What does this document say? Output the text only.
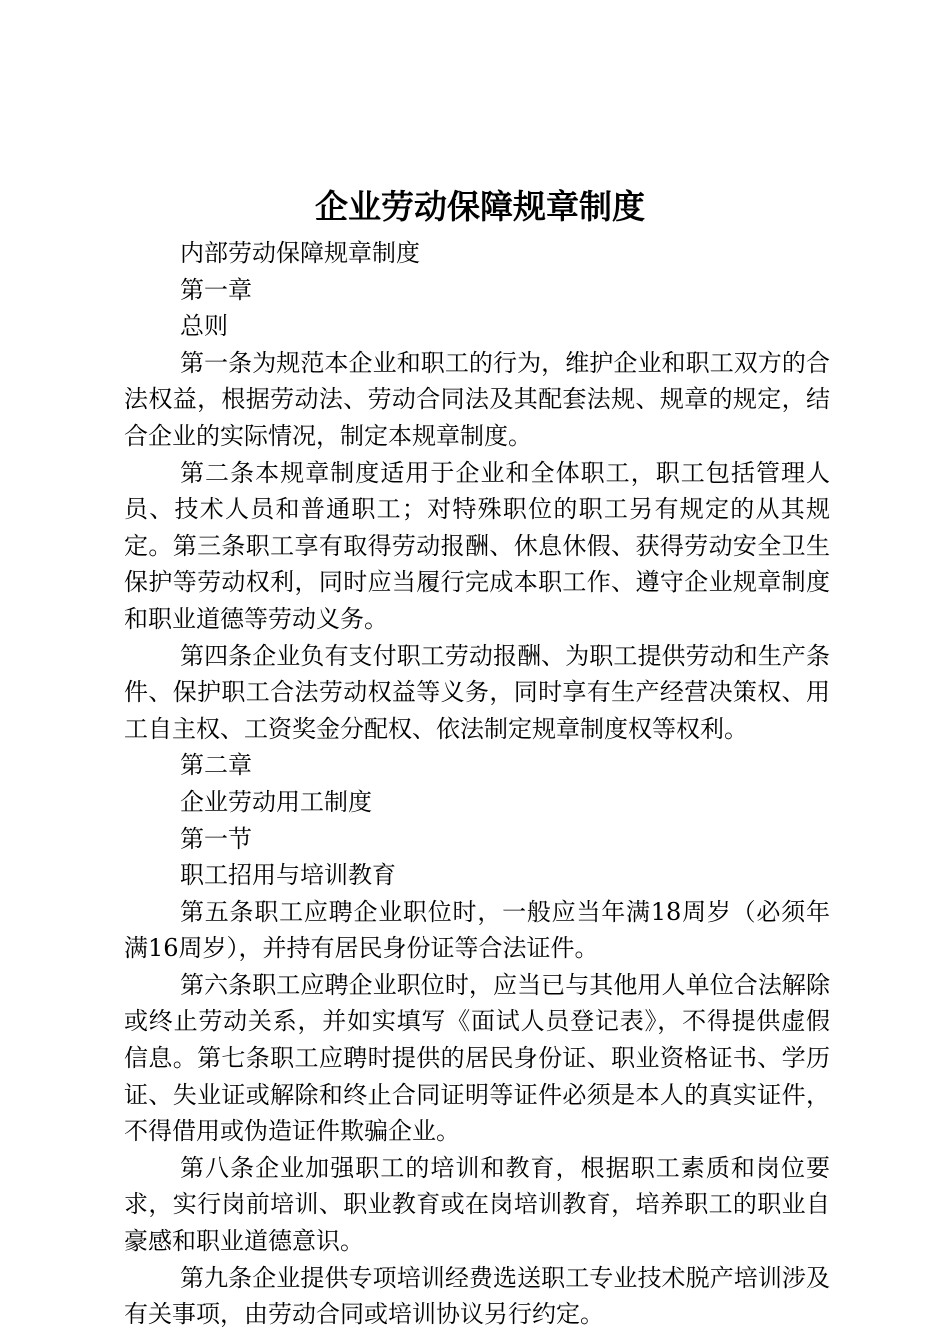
企业劳动保障规章制度

内部劳动保障规章制度

第一章

总则

第一条为规范本企业和职工的行为，维护企业和职工双方的合法权益，根据劳动法、劳动合同法及其配套法规、规章的规定，结合企业的实际情况，制定本规章制度。

第二条本规章制度适用于企业和全体职工，职工包括管理人员、技术人员和普通职工；对特殊职位的职工另有规定的从其规定。第三条职工享有取得劳动报酬、休息休假、获得劳动安全卫生保护等劳动权利，同时应当履行完成本职工作、遵守企业规章制度和职业道德等劳动义务。

第四条企业负有支付职工劳动报酬、为职工提供劳动和生产条件、保护职工合法劳动权益等义务，同时享有生产经营决策权、用工自主权、工资奖金分配权、依法制定规章制度权等权利。

第二章

企业劳动用工制度

第一节

职工招用与培训教育

第五条职工应聘企业职位时，一般应当年满18周岁（必须年满16周岁），并持有居民身份证等合法证件。

第六条职工应聘企业职位时，应当已与其他用人单位合法解除或终止劳动关系，并如实填写《面试人员登记表》，不得提供虚假信息。第七条职工应聘时提供的居民身份证、职业资格证书、学历证、失业证或解除和终止合同证明等证件必须是本人的真实证件，不得借用或伪造证件欺骗企业。

第八条企业加强职工的培训和教育，根据职工素质和岗位要求，实行岗前培训、职业教育或在岗培训教育，培养职工的职业自豪感和职业道德意识。

第九条企业提供专项培训经费选送职工专业技术脱产培训涉及有关事项，由劳动合同或培训协议另行约定。
